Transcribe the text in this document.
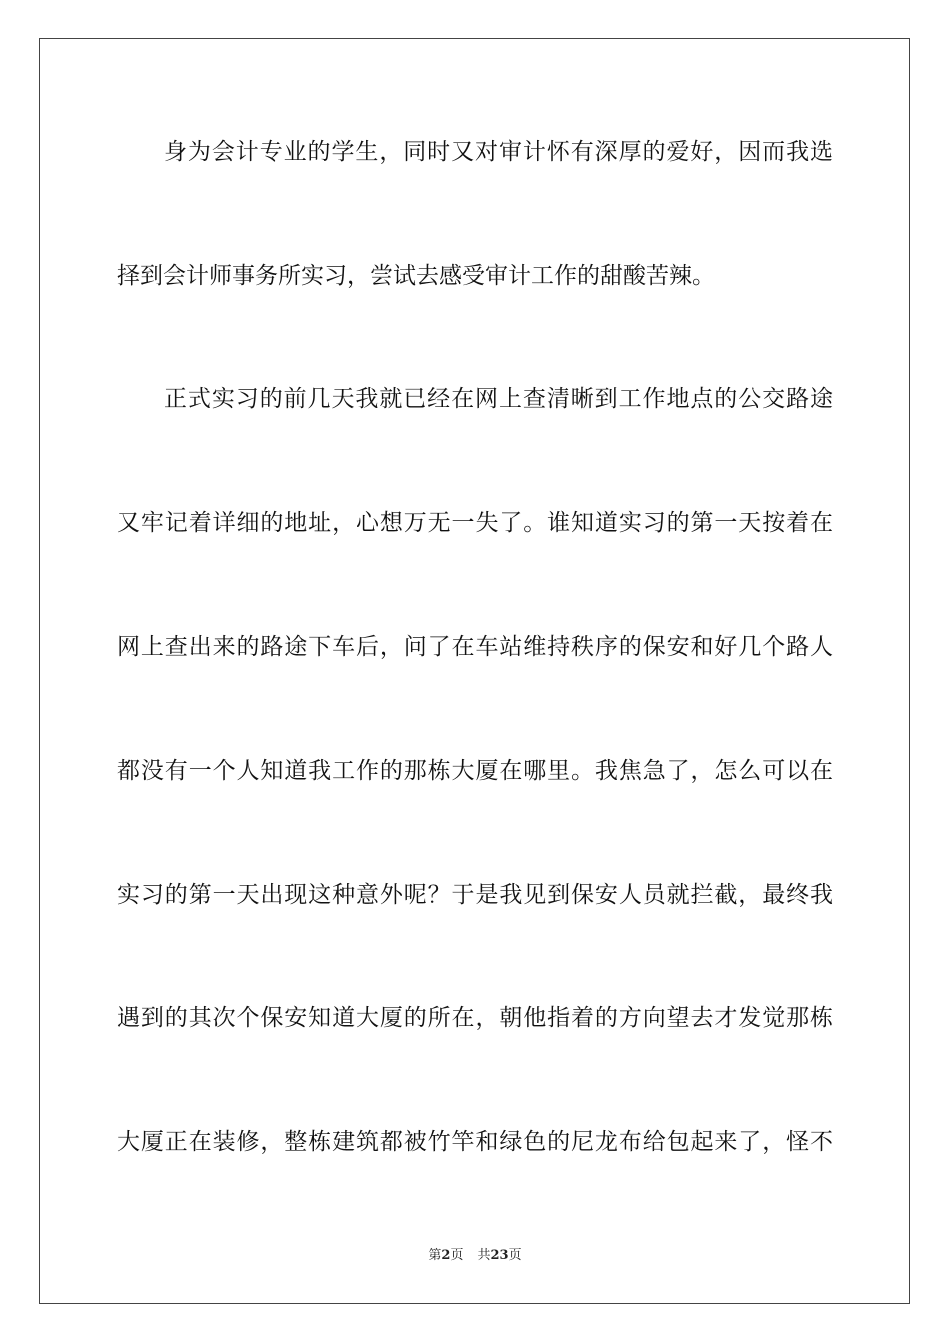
身为会计专业的学生，同时又对审计怀有深厚的爱好，因而我选
择到会计师事务所实习，尝试去感受审计工作的甜酸苦辣。
正式实习的前几天我就已经在网上查清晰到工作地点的公交路途
又牢记着详细的地址，心想万无一失了。谁知道实习的第一天按着在
网上查出来的路途下车后，问了在车站维持秩序的保安和好几个路人
都没有一个人知道我工作的那栋大厦在哪里。我焦急了，怎么可以在
实习的第一天出现这种意外呢？于是我见到保安人员就拦截，最终我
遇到的其次个保安知道大厦的所在，朝他指着的方向望去才发觉那栋
大厦正在装修，整栋建筑都被竹竿和绿色的尼龙布给包起来了，怪不
第2页 共23页
